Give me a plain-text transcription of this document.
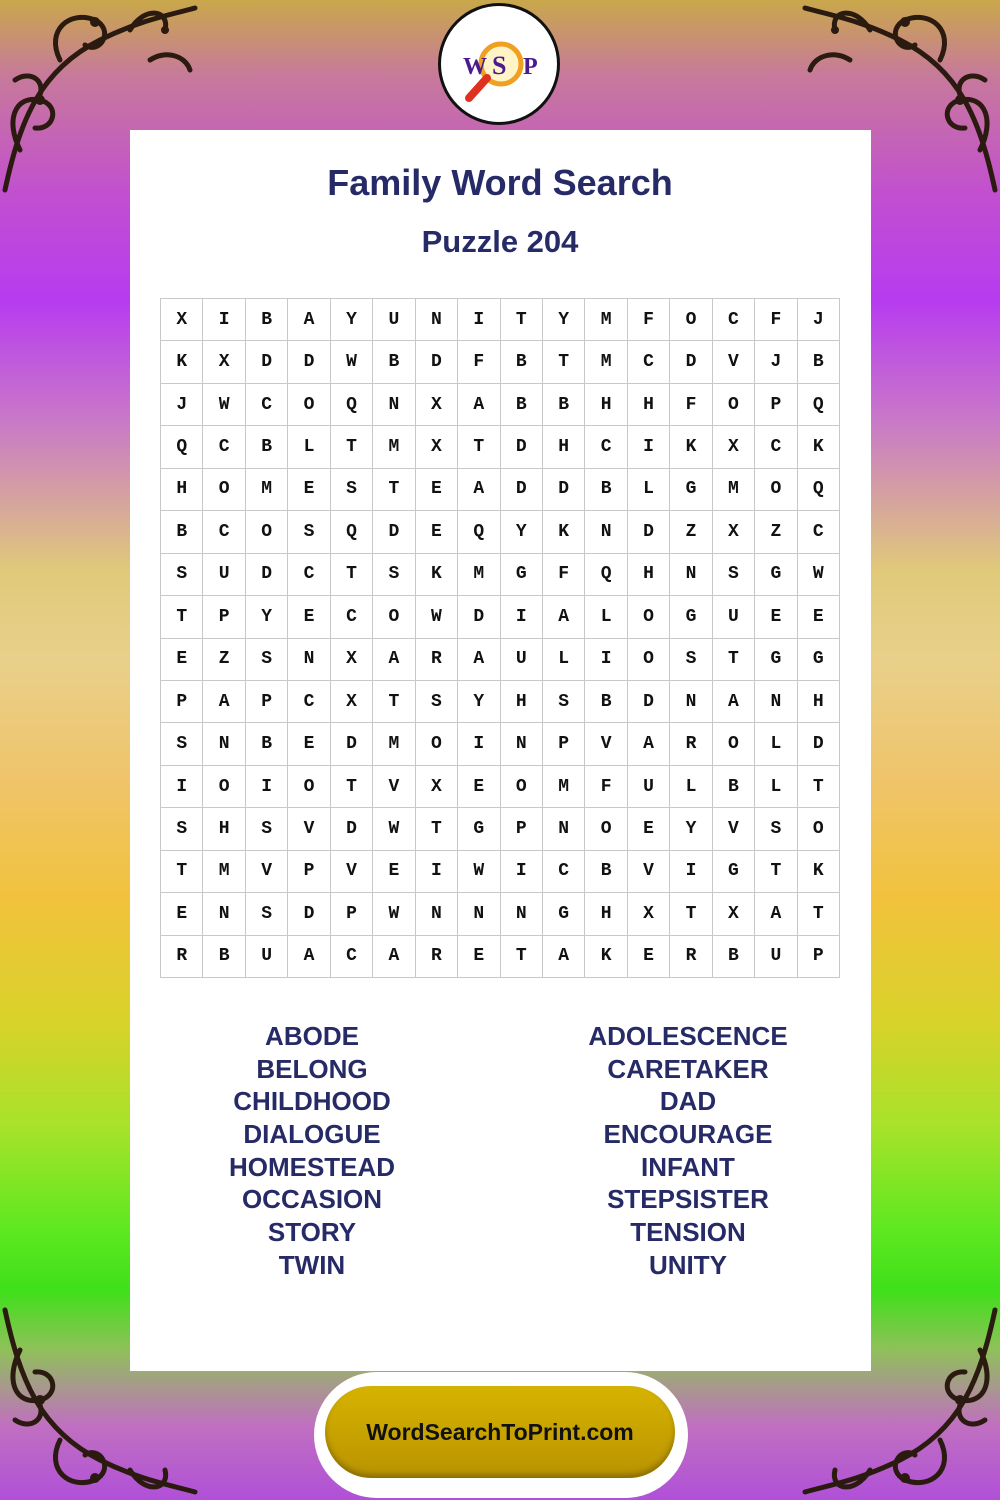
W S P
Family Word Search
Puzzle 204
X	I	B	A	Y	U	N	I	T	Y	M	F	O	C	F	J
K	X	D	D	W	B	D	F	B	T	M	C	D	V	J	B
J	W	C	O	Q	N	X	A	B	B	H	H	F	O	P	Q
Q	C	B	L	T	M	X	T	D	H	C	I	K	X	C	K
H	O	M	E	S	T	E	A	D	D	B	L	G	M	O	Q
B	C	O	S	Q	D	E	Q	Y	K	N	D	Z	X	Z	C
S	U	D	C	T	S	K	M	G	F	Q	H	N	S	G	W
T	P	Y	E	C	O	W	D	I	A	L	O	G	U	E	E
E	Z	S	N	X	A	R	A	U	L	I	O	S	T	G	G
P	A	P	C	X	T	S	Y	H	S	B	D	N	A	N	H
S	N	B	E	D	M	O	I	N	P	V	A	R	O	L	D
I	O	I	O	T	V	X	E	O	M	F	U	L	B	L	T
S	H	S	V	D	W	T	G	P	N	O	E	Y	V	S	O
T	M	V	P	V	E	I	W	I	C	B	V	I	G	T	K
E	N	S	D	P	W	N	N	N	G	H	X	T	X	A	T
R	B	U	A	C	A	R	E	T	A	K	E	R	B	U	P
ABODE
BELONG
CHILDHOOD
DIALOGUE
HOMESTEAD
OCCASION
STORY
TWIN
ADOLESCENCE
CARETAKER
DAD
ENCOURAGE
INFANT
STEPSISTER
TENSION
UNITY
WordSearchToPrint.com
